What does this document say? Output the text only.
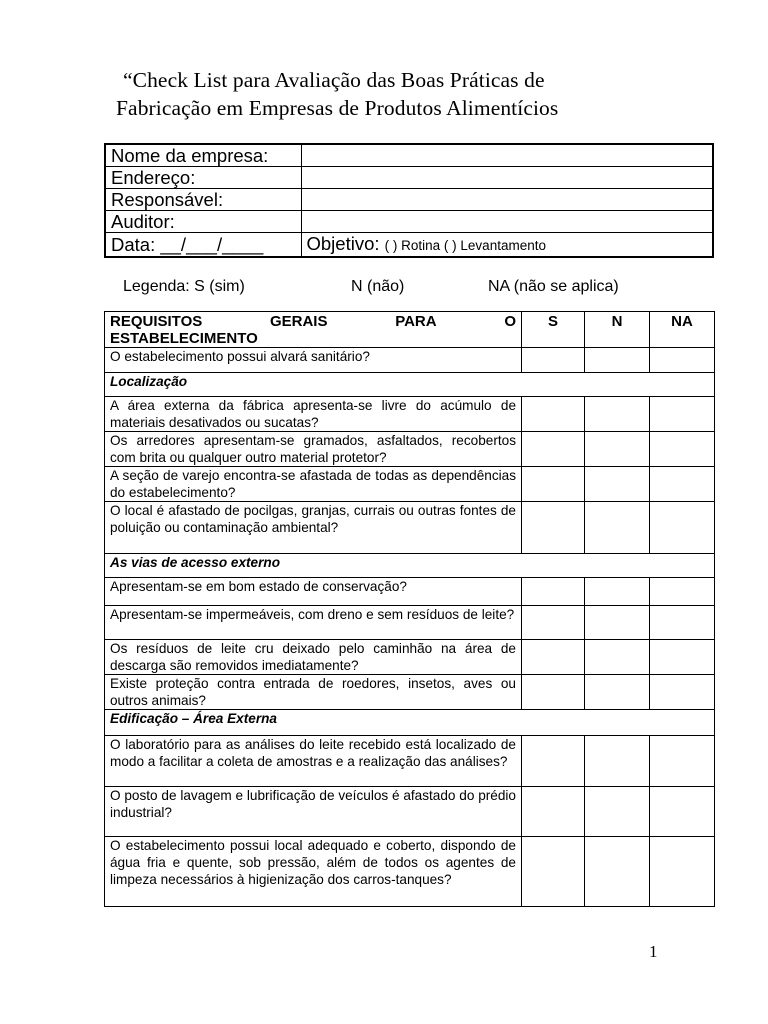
“Check List para Avaliação das Boas Práticas de
Fabricação em Empresas de Produtos Alimentícios
Nome da empresa:	
Endereço:	
Responsável:	
Auditor:	
Data: __/___/____	Objetivo: ( ) Rotina ( ) Levantamento
Legenda: S (sim)	N (não)	NA (não se aplica)
REQUISITOS GERAIS PARA O
ESTABELECIMENTO	S	N	NA
O estabelecimento possui alvará sanitário?			
Localização			
A área externa da fábrica apresenta-se livre do acúmulo de materiais desativados ou sucatas?			
Os arredores apresentam-se gramados, asfaltados, recobertos com brita ou qualquer outro material protetor?			
A seção de varejo encontra-se afastada de todas as dependências do estabelecimento?			
O local é afastado de pocilgas, granjas, currais ou outras fontes de poluição ou contaminação ambiental?			
As vias de acesso externo			
Apresentam-se em bom estado de conservação?			
Apresentam-se impermeáveis, com dreno e sem resíduos de leite?			
Os resíduos de leite cru deixado pelo caminhão na área de descarga são removidos imediatamente?			
Existe proteção contra entrada de roedores, insetos, aves ou outros animais?			
Edificação – Área Externa			
O laboratório para as análises do leite recebido está localizado de modo a facilitar a coleta de amostras e a realização das análises?			
O posto de lavagem e lubrificação de veículos é afastado do prédio industrial?			
O estabelecimento possui local adequado e coberto, dispondo de água fria e quente, sob pressão, além de todos os agentes de limpeza necessários à higienização dos carros-tanques?			
1
